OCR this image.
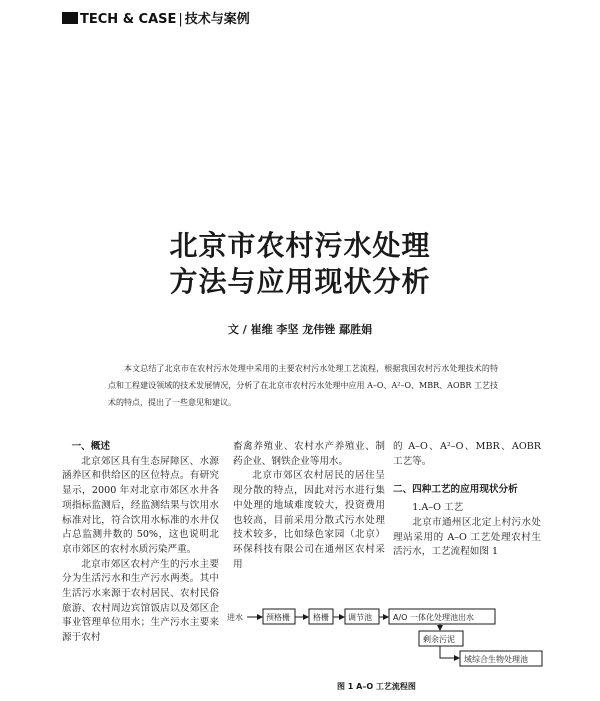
TECH & CASE | 技术与案例
北京市农村污水处理
方法与应用现状分析
文 / 崔维 李坚 龙伟锉 鄢胜娟
本文总结了北京市在农村污水处理中采用的主要农村污水处理工艺流程，根据我国农村污水处理技术的特点和工程建设领域的技术发展情况，分析了在北京市农村污水处理中应用 A–O、A²–O、MBR、AOBR 工艺技术的特点，提出了一些意见和建议。

一、概述

北京郊区具有生态屏障区、水源涵养区和供给区的区位特点。有研究显示，2000 年对北京市郊区水井各项指标监测后，经监测结果与饮用水标准对比，符合饮用水标准的水井仅占总监测井数的 50%，这也说明北京市郊区的农村水质污染严重。

北京市郊区农村产生的污水主要分为生活污水和生产污水两类。其中生活污水来源于农村居民、农村民俗旅游、农村周边宾馆饭店以及郊区企事业管理单位用水；生产污水主要来源于农村

畜禽养殖业、农村水产养殖业、制药企业、钢铁企业等用水。

北京市郊区农村居民的居住呈现分散的特点，因此对污水进行集中处理的地域难度较大，投资费用也较高，目前采用分散式污水处理技术较多，比如绿色家园（北京）环保科技有限公司在通州区农村采用

的 A–O、A²–O、MBR、AOBR 工艺等。

二、四种工艺的应用现状分析

1.A–O 工艺

北京市通州区北定上村污水处理站采用的 A–O 工艺处理农村生活污水，工艺流程如图 1

进水	预格栅	格栅 调节池	A/O 一体化处理池出水
剩余污泥
域综合生物处理池
图 1 A–O 工艺流程图
